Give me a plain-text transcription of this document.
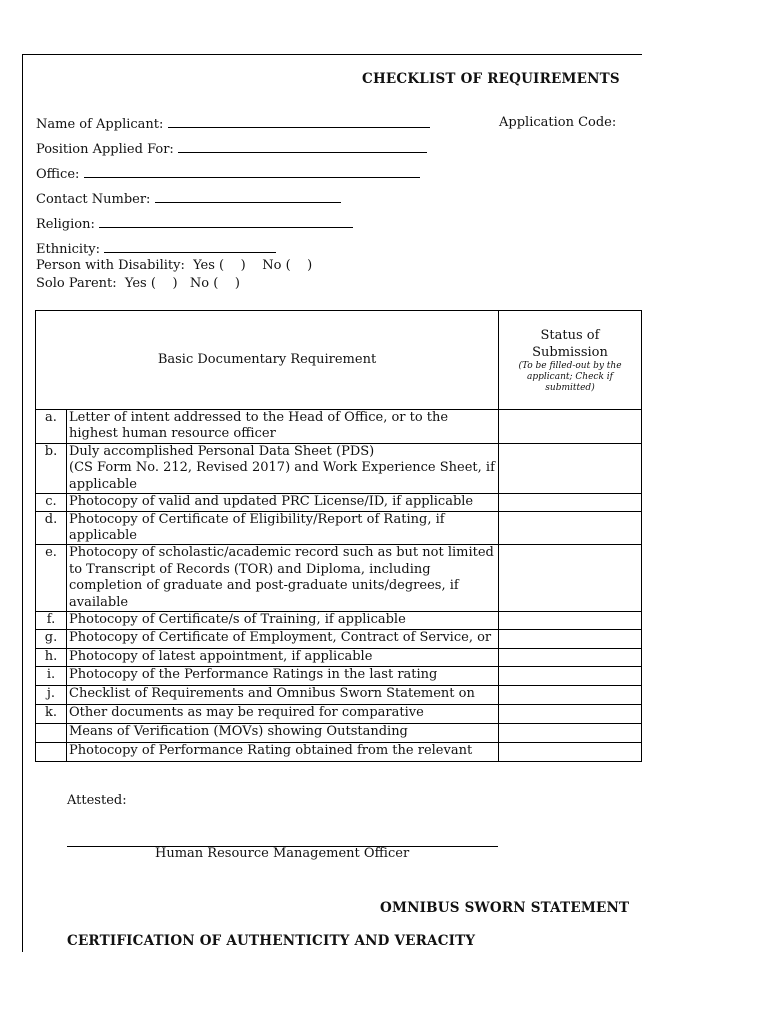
CHECKLIST OF REQUIREMENTS
Name of Applicant:	Application Code:
Position Applied For:
Office:
Contact Number:
Religion:
Ethnicity:
Person with Disability:  Yes (    )    No (    )
Solo Parent:  Yes (    )   No (    )
Basic Documentary Requirement		Status of Submission
(To be filled-out by the applicant; Check if submitted)

a.	Letter of intent addressed to the Head of Office, or to the highest human resource officer	
b.	Duly accomplished Personal Data Sheet (PDS)
(CS Form No. 212, Revised 2017) and Work Experience Sheet, if applicable	
c.	Photocopy of valid and updated PRC License/ID, if applicable	
d.	Photocopy of Certificate of Eligibility/Report of Rating, if applicable	
e.	Photocopy of scholastic/academic record such as but not limited to Transcript of Records (TOR) and Diploma, including completion of graduate and post-graduate units/degrees, if available	
f.	Photocopy of Certificate/s of Training, if applicable	
g.	Photocopy of Certificate of Employment, Contract of Service, or	
h.	Photocopy of latest appointment, if applicable	
i.	Photocopy of the Performance Ratings in the last rating	
j.	Checklist of Requirements and Omnibus Sworn Statement on	
k.	Other documents as may be required for comparative	
	Means of Verification (MOVs) showing Outstanding	
	Photocopy of Performance Rating obtained from the relevant	
Attested:
Human Resource Management Officer
OMNIBUS SWORN STATEMENT
CERTIFICATION OF AUTHENTICITY AND VERACITY
